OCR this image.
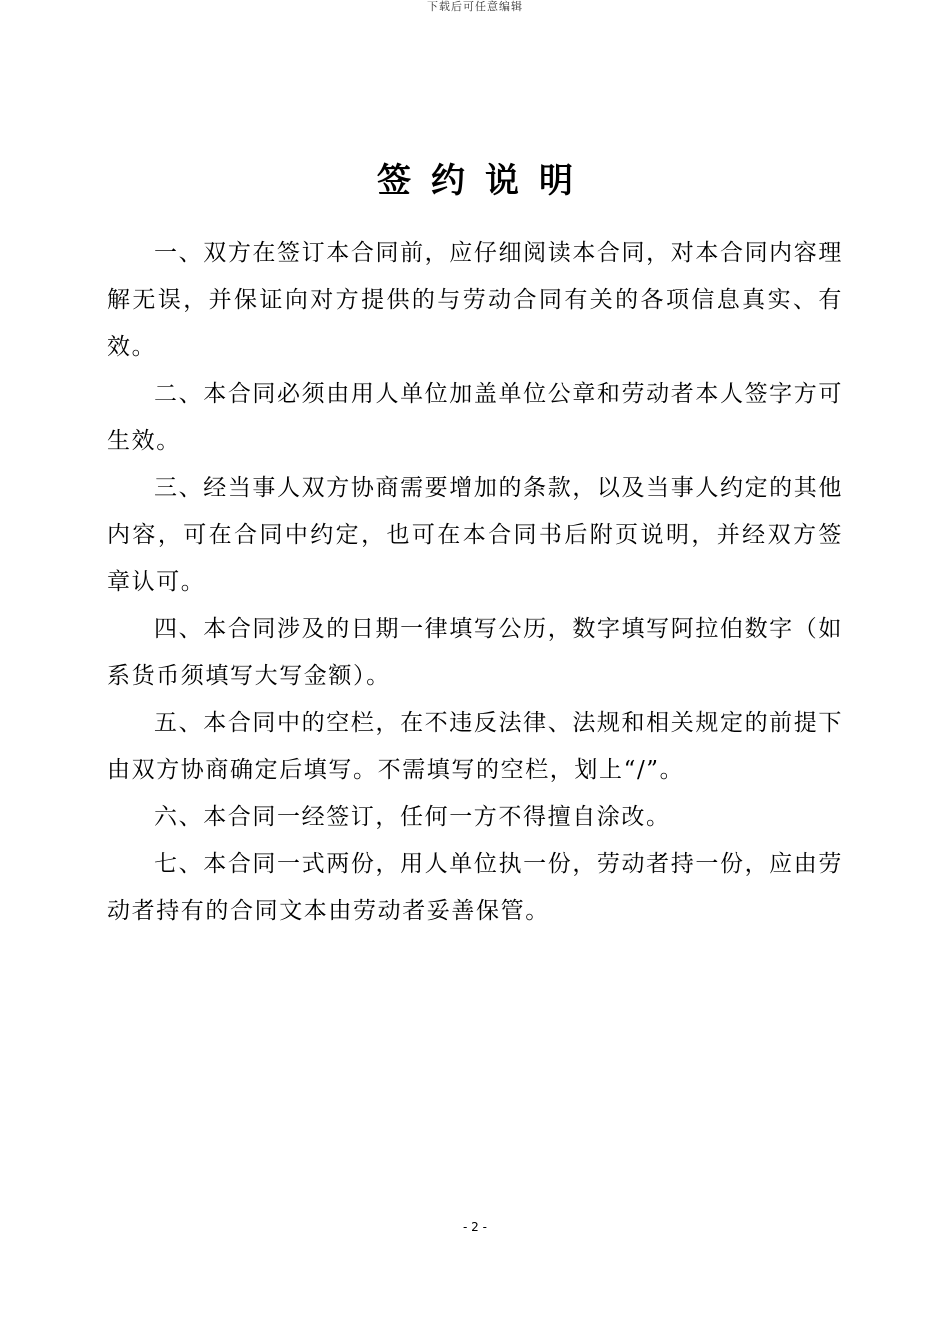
下载后可任意编辑
签约说明

一、双方在签订本合同前，应仔细阅读本合同，对本合同内容理解无误，并保证向对方提供的与劳动合同有关的各项信息真实、有效。

二、本合同必须由用人单位加盖单位公章和劳动者本人签字方可生效。

三、经当事人双方协商需要增加的条款，以及当事人约定的其他内容，可在合同中约定，也可在本合同书后附页说明，并经双方签章认可。

四、本合同涉及的日期一律填写公历，数字填写阿拉伯数字（如系货币须填写大写金额）。

五、本合同中的空栏，在不违反法律、法规和相关规定的前提下由双方协商确定后填写。不需填写的空栏，划上“/”。

六、本合同一经签订，任何一方不得擅自涂改。

七、本合同一式两份，用人单位执一份，劳动者持一份，应由劳动者持有的合同文本由劳动者妥善保管。

- 2 -
